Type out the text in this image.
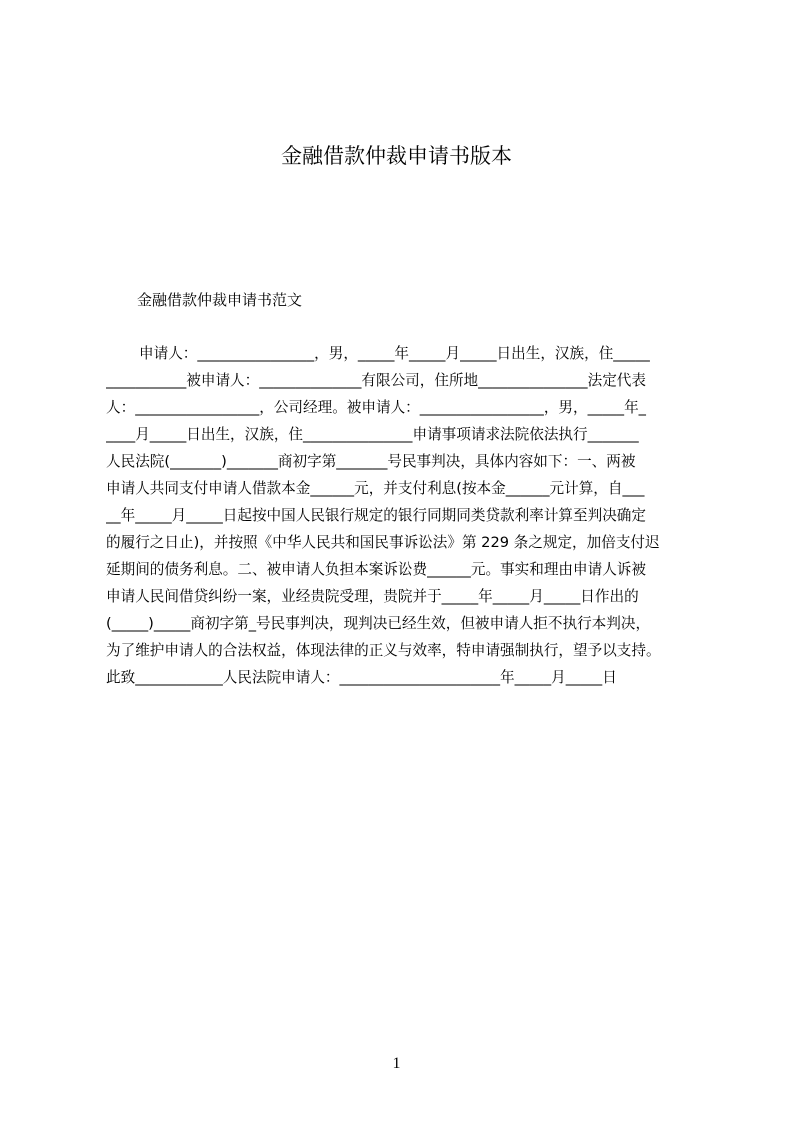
金融借款仲裁申请书版本

金融借款仲裁申请书范文

申请人：________________，男，_____年_____月_____日出生，汉族，住_____
___________被申请人：______________有限公司，住所地_______________法定代表
人：_________________，公司经理。被申请人：_________________，男，_____年_
____月_____日出生，汉族，住_______________申请事项请求法院依法执行_______
人民法院(_______)_______商初字第_______号民事判决，具体内容如下：一、两被
申请人共同支付申请人借款本金______元，并支付利息(按本金______元计算，自___
__年_____月_____日起按中国人民银行规定的银行同期同类贷款利率计算至判决确定
的履行之日止)，并按照《中华人民共和国民事诉讼法》第 229 条之规定，加倍支付迟
延期间的债务利息。二、被申请人负担本案诉讼费______元。事实和理由申请人诉被
申请人民间借贷纠纷一案，业经贵院受理，贵院并于_____年_____月_____日作出的
(_____)_____商初字第_号民事判决，现判决已经生效，但被申请人拒不执行本判决，
为了维护申请人的合法权益，体现法律的正义与效率，特申请强制执行，望予以支持。
此致____________人民法院申请人：______________________年_____月_____日
1
